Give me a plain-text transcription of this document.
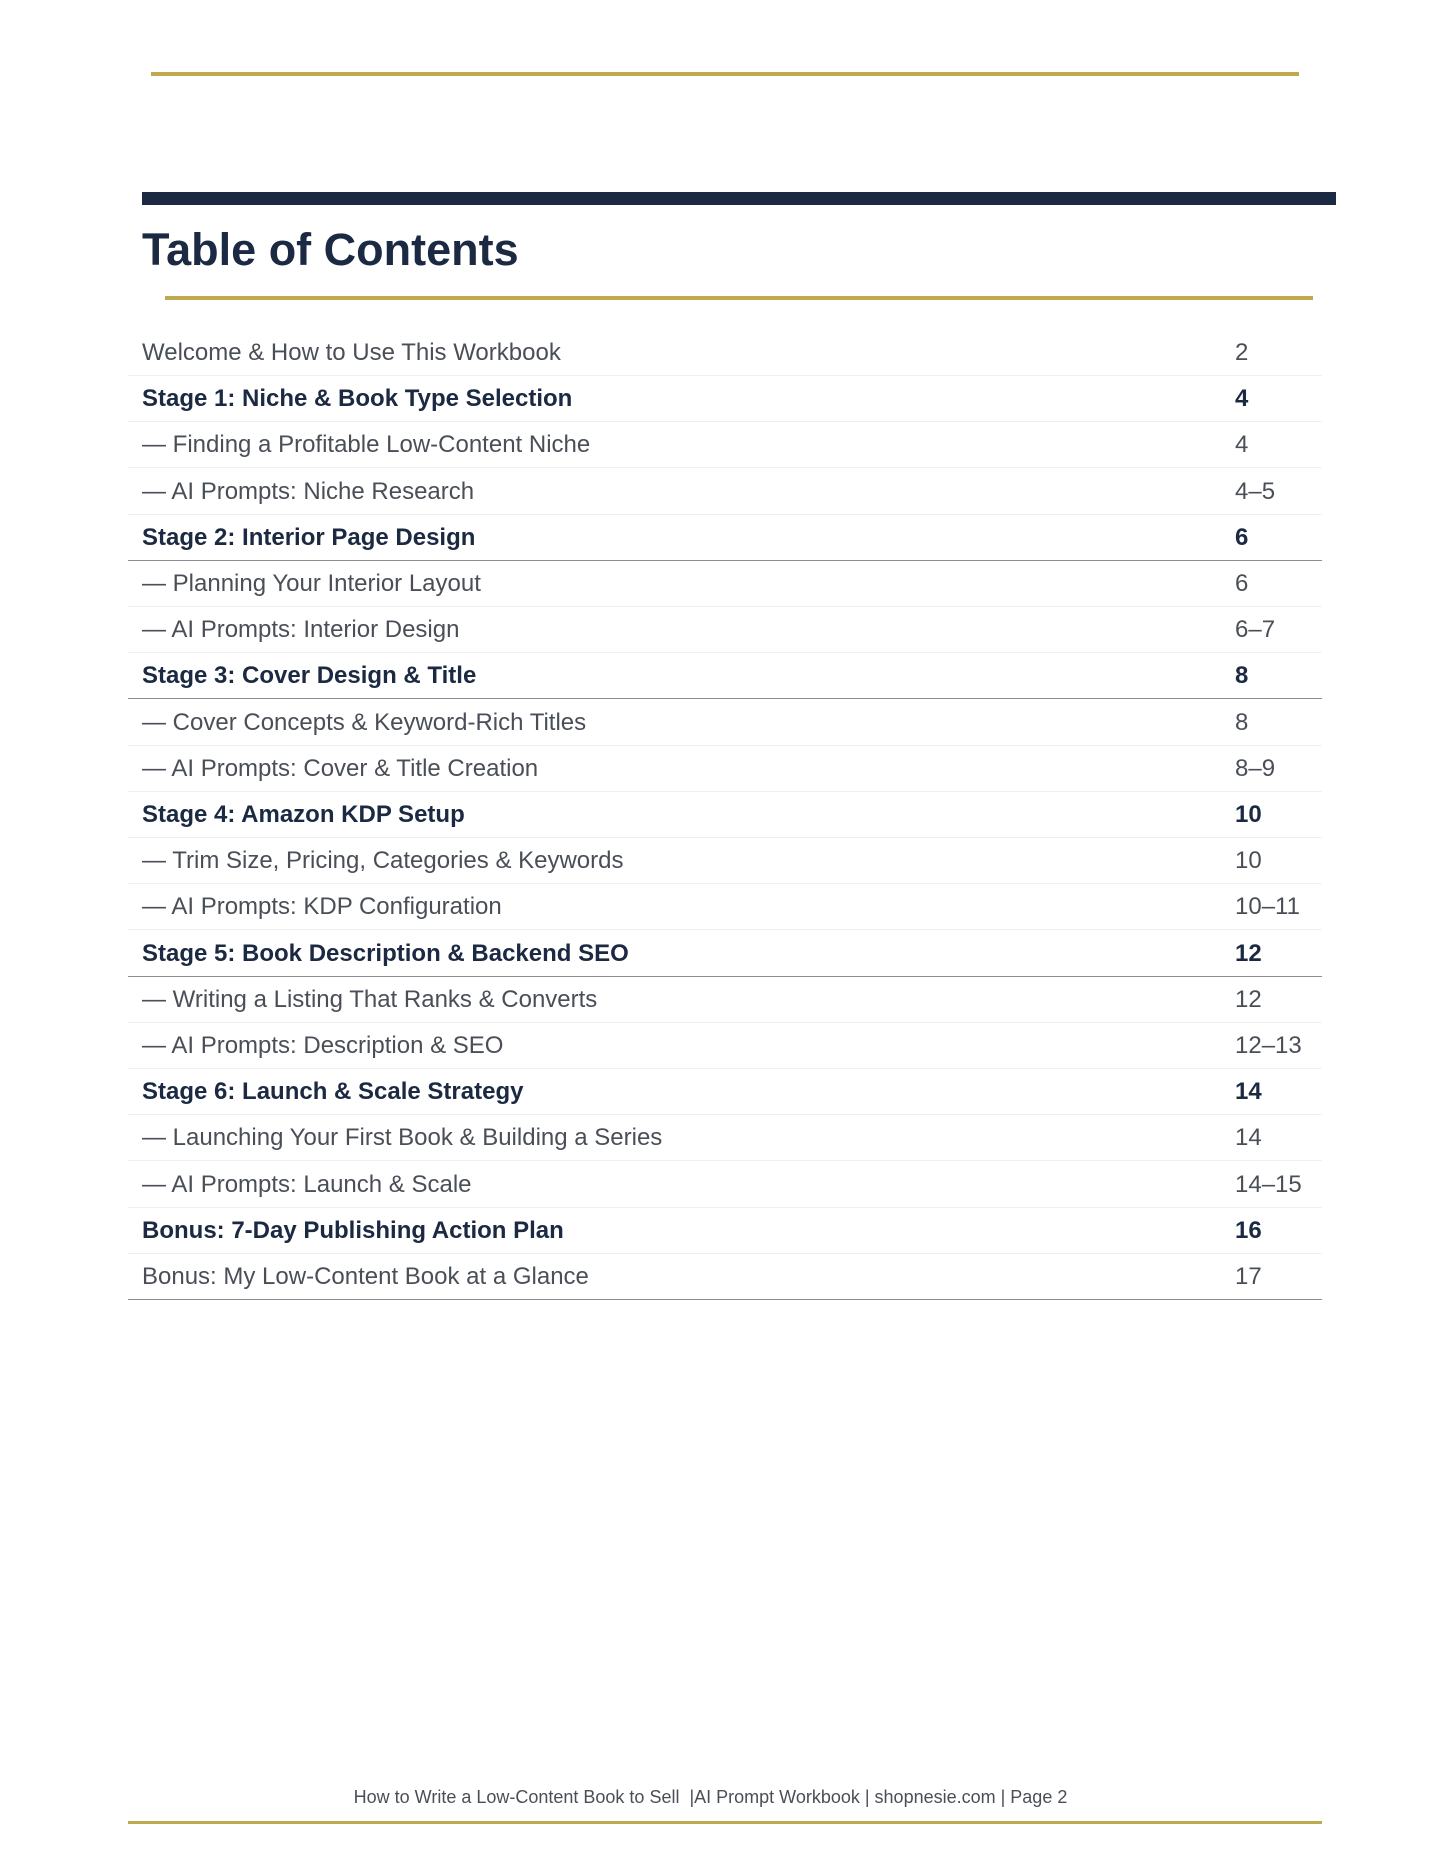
Table of Contents
Welcome & How to Use This Workbook	2
Stage 1: Niche & Book Type Selection	4
— Finding a Profitable Low-Content Niche	4
— AI Prompts: Niche Research	4–5
Stage 2: Interior Page Design	6
— Planning Your Interior Layout	6
— AI Prompts: Interior Design	6–7
Stage 3: Cover Design & Title	8
— Cover Concepts & Keyword-Rich Titles	8
— AI Prompts: Cover & Title Creation	8–9
Stage 4: Amazon KDP Setup	10
— Trim Size, Pricing, Categories & Keywords	10
— AI Prompts: KDP Configuration	10–11
Stage 5: Book Description & Backend SEO	12
— Writing a Listing That Ranks & Converts	12
— AI Prompts: Description & SEO	12–13
Stage 6: Launch & Scale Strategy	14
— Launching Your First Book & Building a Series	14
— AI Prompts: Launch & Scale	14–15
Bonus: 7-Day Publishing Action Plan	16
Bonus: My Low-Content Book at a Glance	17
How to Write a Low-Content Book to Sell  |AI Prompt Workbook | shopnesie.com | Page 2
